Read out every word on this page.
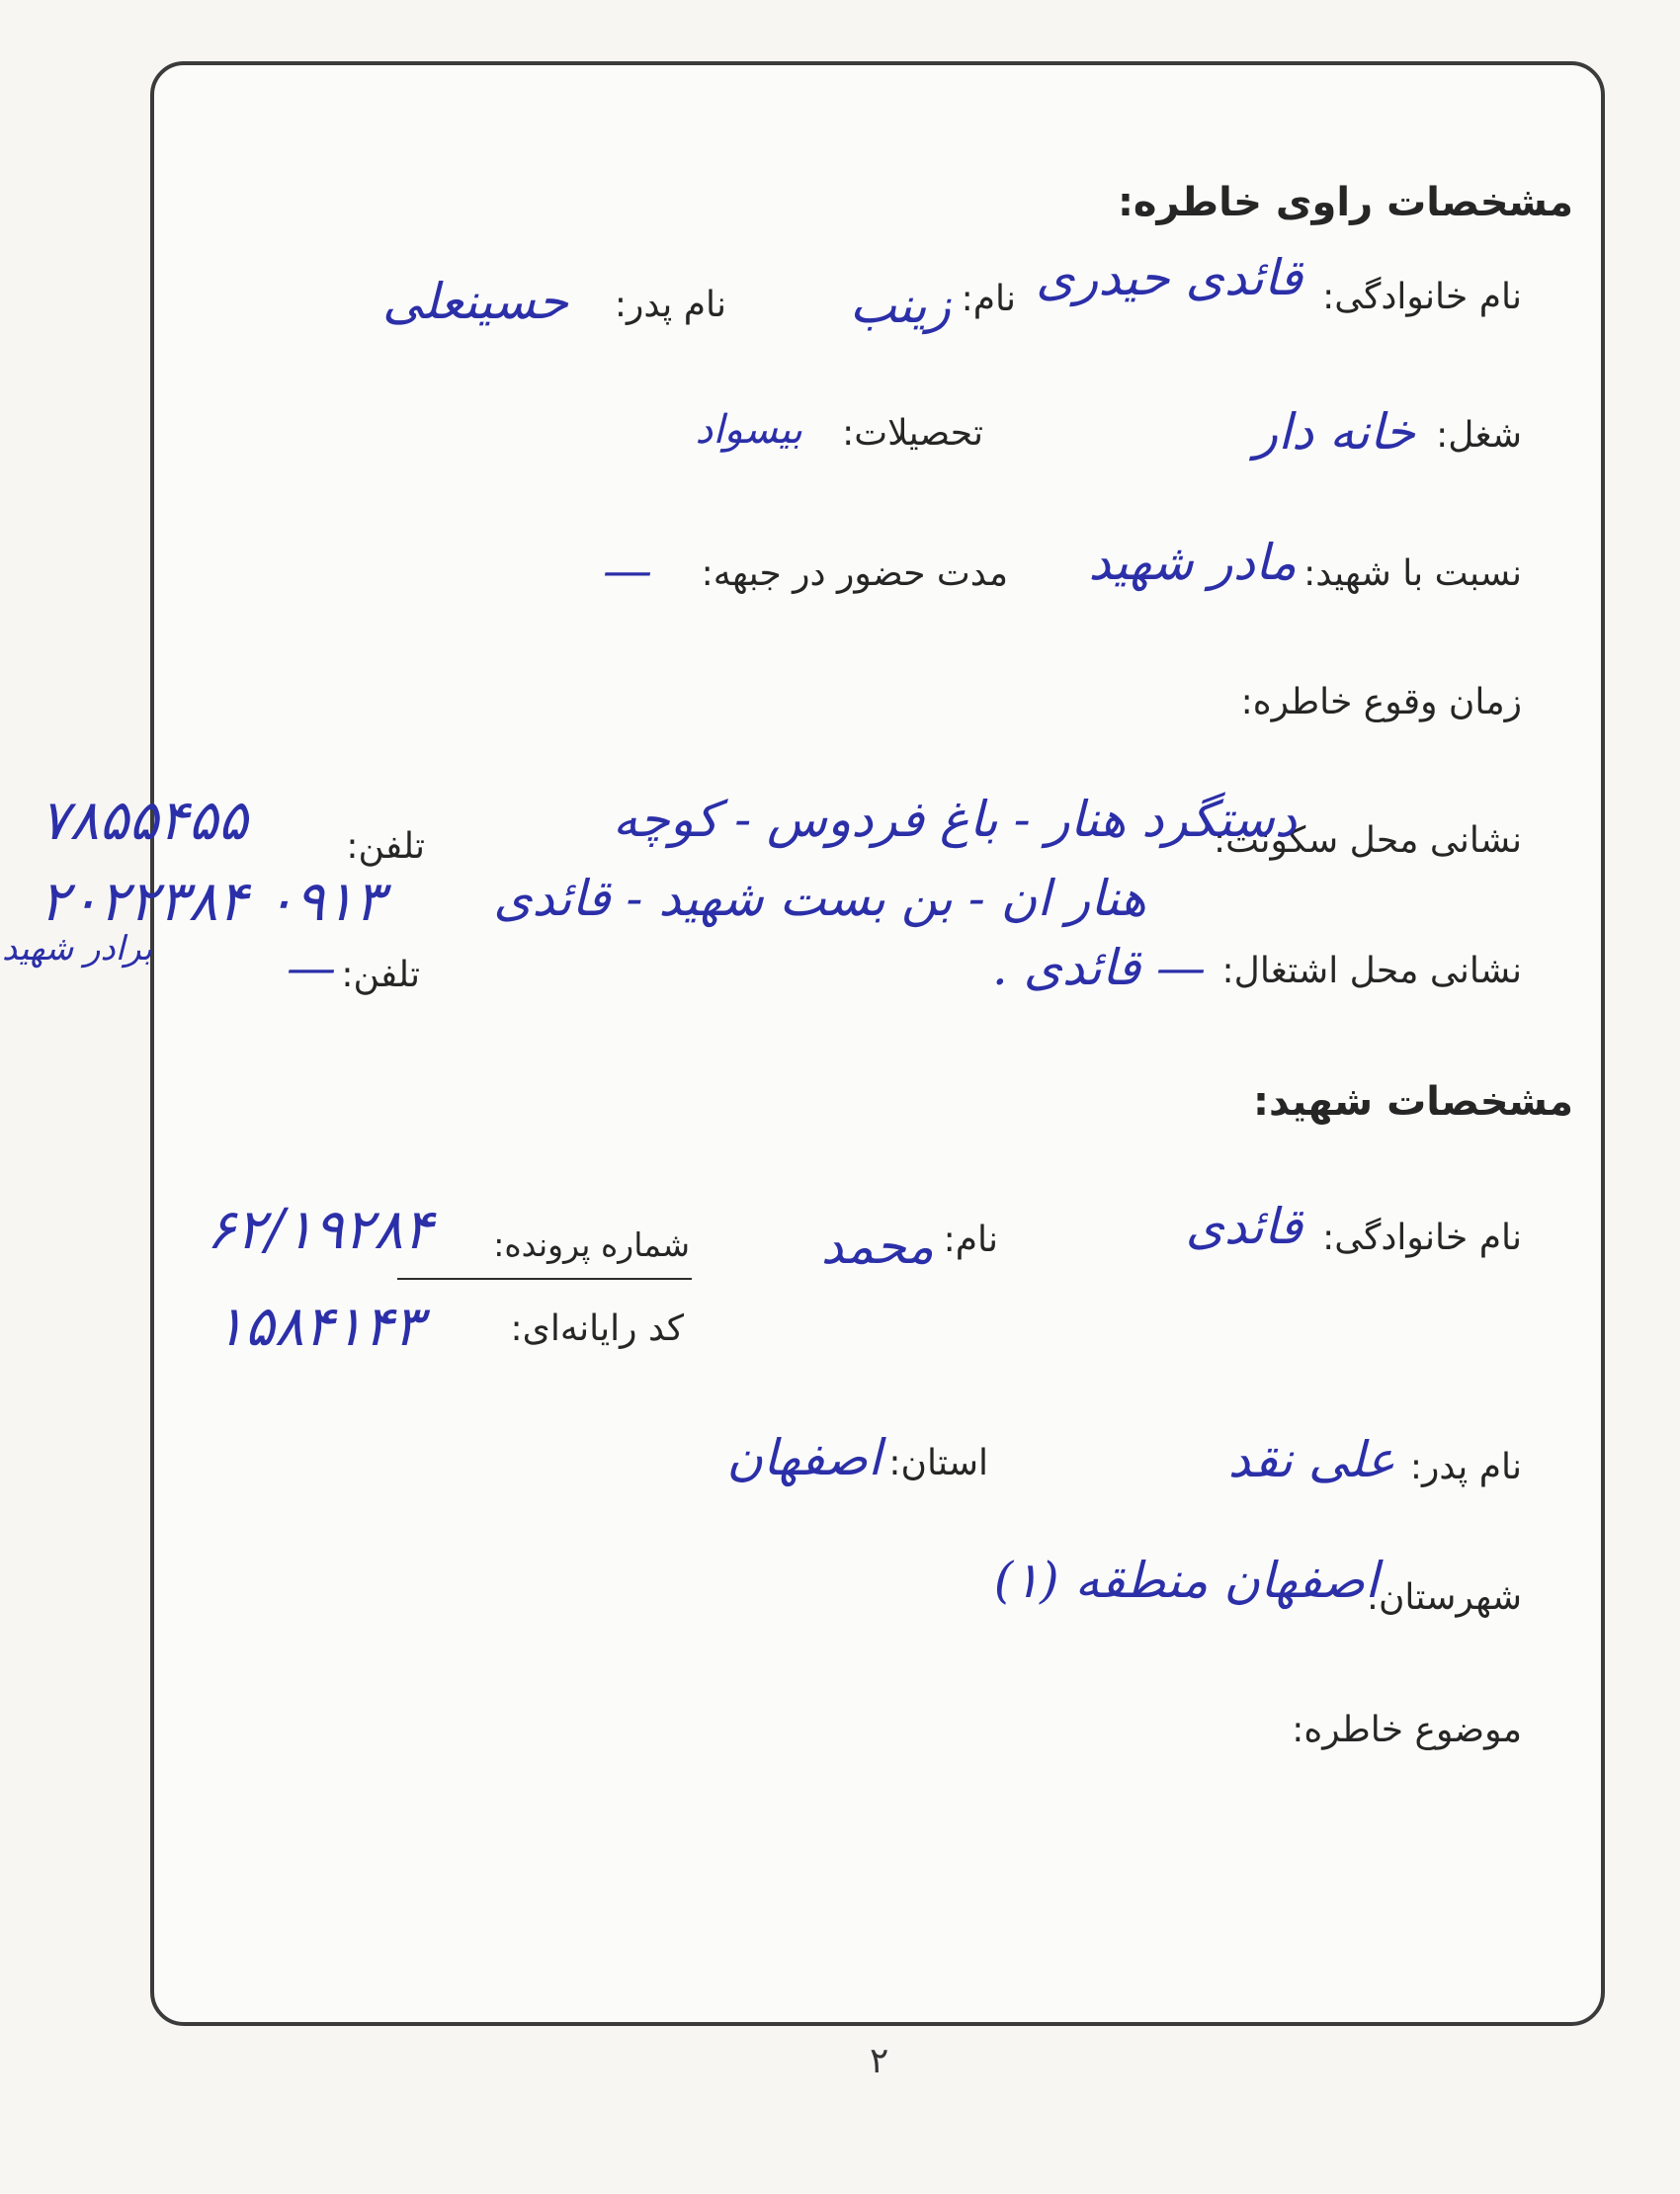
مشخصات راوی خاطره:
نام خانوادگی:
قائدی حیدری
نام:
زینب
نام پدر:
حسینعلی
شغل:
خانه دار
تحصیلات:
بیسواد
نسبت با شهید:
مادر شهید
مدت حضور در جبهه:
—
زمان وقوع خاطره:
نشانی محل سکونت:
دستگرد هنار - باغ فردوس - کوچه
هنار ان - بن بست شهید - قائدی
تلفن:
۷۸۵۵۴۵۵
۰۹۱۳ ۲۰۲۲۳۸۴
برادر شهید
نشانی محل اشتغال:
— قائدی .
تلفن:
—
مشخصات شهید:
نام خانوادگی:
قائدی
نام:
محمد
شماره پرونده:
۶۲/۱۹۲۸۴
کد رایانه‌ای:
۱۵۸۴۱۴۳
نام پدر:
علی نقد
استان:
اصفهان
شهرستان:
اصفهان منطقه (۱)
موضوع خاطره:
۲
